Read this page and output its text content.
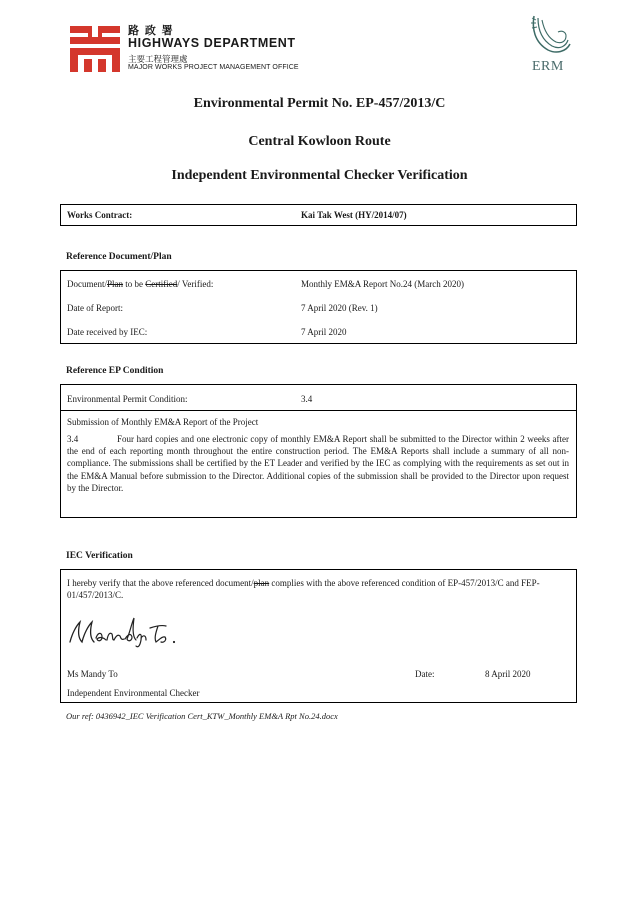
路 政 署
HIGHWAYS DEPARTMENT
主要工程管理處
MAJOR WORKS PROJECT MANAGEMENT OFFICE	ERM
Environmental Permit No. EP-457/2013/C
Central Kowloon Route
Independent Environmental Checker Verification
Works Contract:	Kai Tak West (HY/2014/07)
Reference Document/Plan
Document/Plan to be Certified/ Verified:	Monthly EM&A Report No.24 (March 2020)
Date of Report:	7 April 2020 (Rev. 1)
Date received by IEC:	7 April 2020
Reference EP Condition
Environmental Permit Condition:	3.4
Submission of Monthly EM&A Report of the Project
3.4	Four hard copies and one electronic copy of monthly EM&A Report shall be submitted to the Director within 2 weeks after the end of each reporting month throughout the entire construction period. The EM&A Reports shall include a summary of all non-compliance. The submissions shall be certified by the ET Leader and verified by the IEC as complying with the requirements as set out in the EM&A Manual before submission to the Director. Additional copies of the submission shall be provided to the Director upon request by the Director.
IEC Verification
I hereby verify that the above referenced document/plan complies with the above referenced condition of EP-457/2013/C and FEP-01/457/2013/C.
Ms Mandy To
Independent Environmental Checker
Date:	8 April 2020
Our ref: 0436942_IEC Verification Cert_KTW_Monthly EM&A Rpt No.24.docx
